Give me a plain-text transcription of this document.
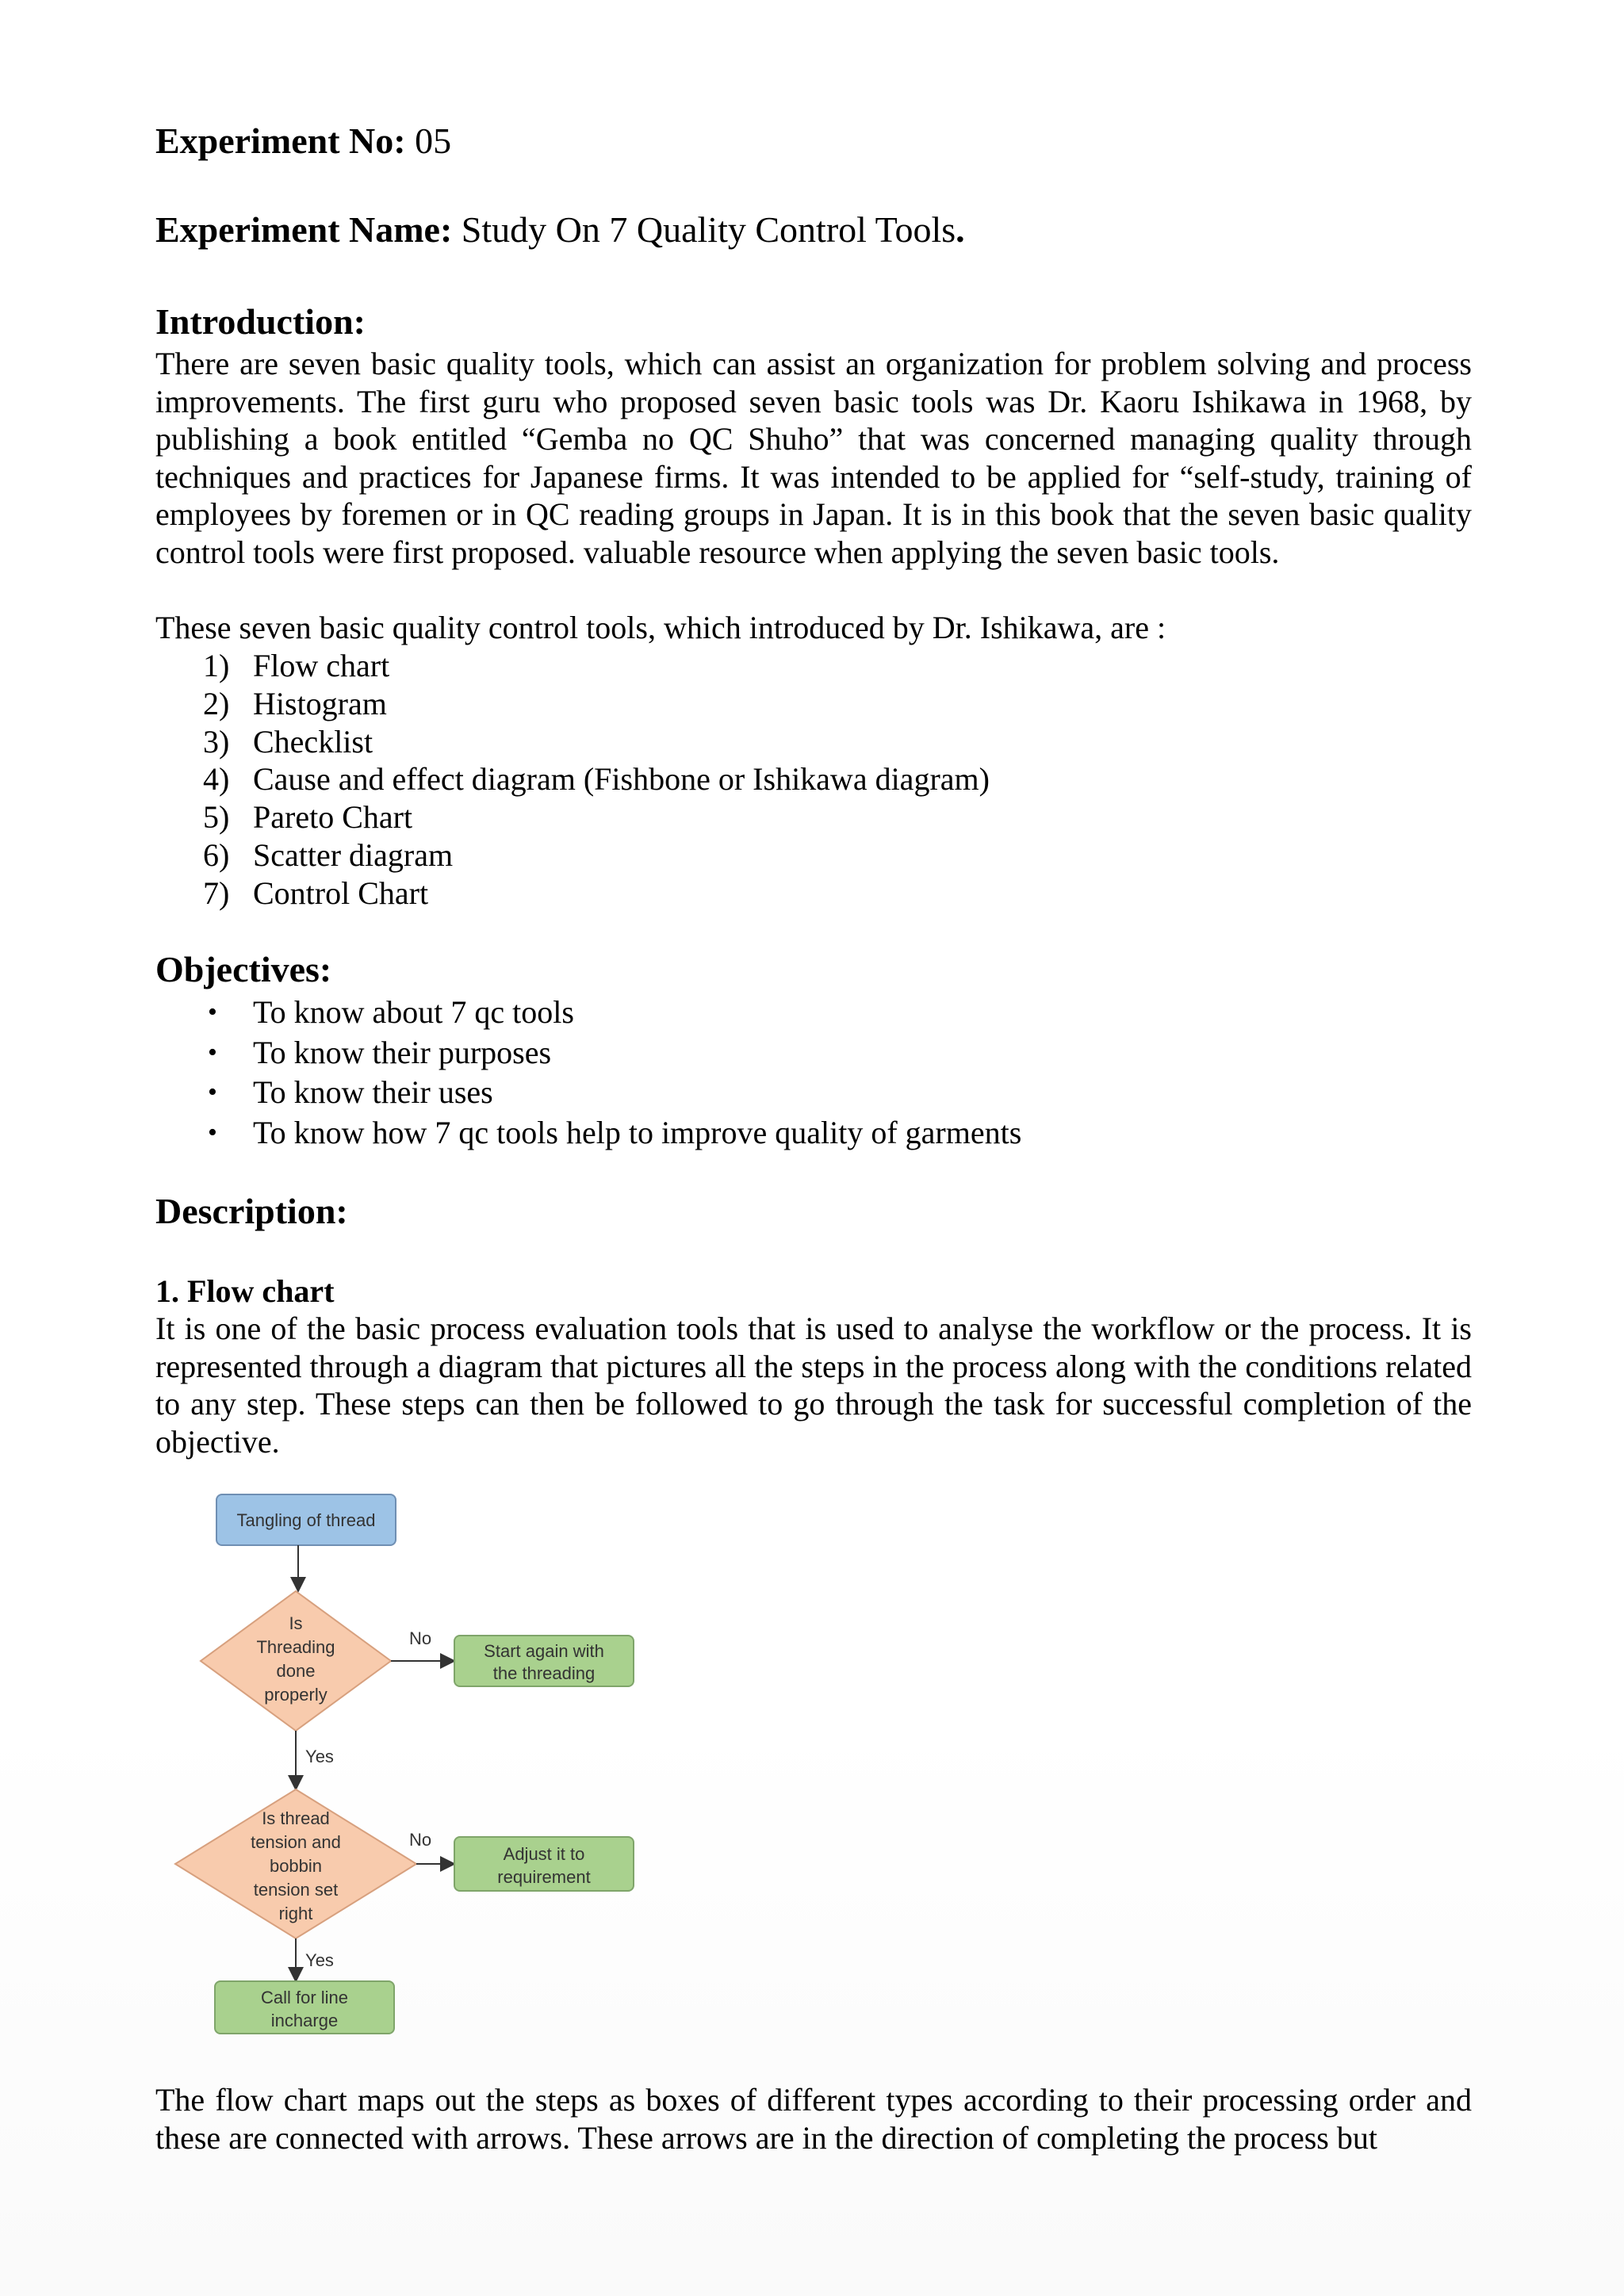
Experiment No: 05

Experiment Name: Study On 7 Quality Control Tools.

Introduction:

There are seven basic quality tools, which can assist an organization for problem solving and process improvements. The first guru who proposed seven basic tools was Dr. Kaoru Ishikawa in 1968, by publishing a book entitled “Gemba no QC Shuho” that was concerned managing quality through techniques and practices for Japanese firms. It was intended to be applied for “self-study, training of employees by foremen or in QC reading groups in Japan. It is in this book that the seven basic quality control tools were first proposed. valuable resource when applying the seven basic tools.

These seven basic quality control tools, which introduced by Dr. Ishikawa, are :

1) Flow chart
2) Histogram
3) Checklist
4) Cause and effect diagram (Fishbone or Ishikawa diagram)
5) Pareto Chart
6) Scatter diagram
7) Control Chart
Objectives:
• To know about 7 qc tools
• To know their purposes
• To know their uses
• To know how 7 qc tools help to improve quality of garments
Description:
1. Flow chart

It is one of the basic process evaluation tools that is used to analyse the workflow or the process. It is represented through a diagram that pictures all the steps in the process along with the conditions related to any step. These steps can then be followed to go through the task for successful completion of the objective.

The flow chart maps out the steps as boxes of different types according to their processing order and these are connected with arrows. These arrows are in the direction of completing the process but

Tangling of thread
Is
Threading
done
properly
No
Start again with
the threading
Yes
Is thread
tension and
bobbin
tension set
right
No
Adjust it to
requirement
Yes
Call for line
incharge
